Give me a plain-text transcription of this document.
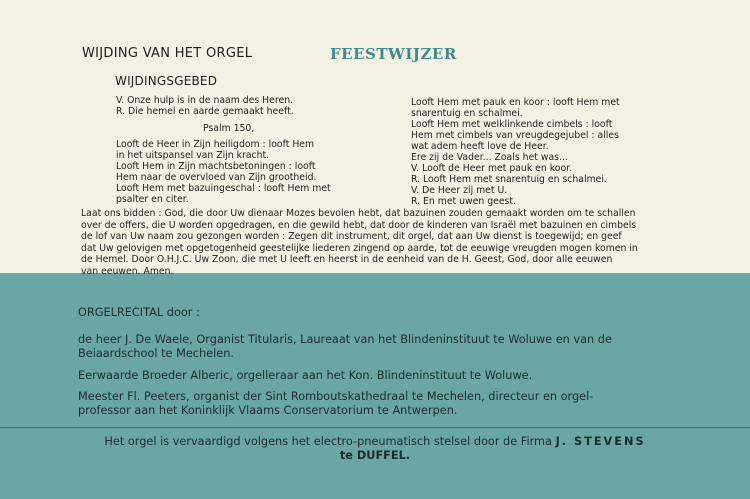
WIJDING VAN HET ORGEL	FEESTWIJZER
WIJDINGSGEBED
V. Onze hulp is in de naam des Heren.
R. Die hemel en aarde gemaakt heeft.
Psalm 150,
Looft de Heer in Zijn heiligdom : looft Hem
in het uitspansel van Zijn kracht.
Looft Hem in Zijn machtsbetoningen : looft
Hem naar de overvloed van Zijn grootheid.
Looft Hem met bazuingeschal : looft Hem met
psalter en citer.
Looft Hem met pauk en koor : looft Hem met
snarentuig en schalmei.
Looft Hem met welklinkende cimbels : looft
Hem met cimbels van vreugdegejubel : alles
wat adem heeft love de Heer.
Ere zij de Vader... Zoals het was...
V. Looft de Heer met pauk en koor.
R. Looft Hem met snarentuig en schalmei.
V. De Heer zij met U.
R. En met uwen geest.
Laat ons bidden : God, die door Uw dienaar Mozes bevolen hebt, dat bazuinen zouden gemaakt worden om te schallen
over de offers, die U worden opgedragen, en die gewild hebt, dat door de kinderen van Israël met bazuinen en cimbels
de lof van Uw naam zou gezongen worden : Zegen dit instrument, dit orgel, dat aan Uw dienst is toegewijd; en geef
dat Uw gelovigen met opgetogenheid geestelijke liederen zingend op aarde, tot de eeuwige vreugden mogen komen in
de Hemel. Door O.H.J.C. Uw Zoon, die met U leeft en heerst in de eenheid van de H. Geest, God, door alle eeuwen
van eeuwen. Amen.
ORGELRECITAL door :
de heer J. De Waele, Organist Titularis, Laureaat van het Blindeninstituut te Woluwe en van de
Beiaardschool te Mechelen.
Eerwaarde Broeder Alberic, orgelleraar aan het Kon. Blindeninstituut te Woluwe.
Meester Fl. Peeters, organist der Sint Romboutskathedraal te Mechelen, directeur en orgel-
professor aan het Koninklijk Vlaams Conservatorium te Antwerpen.
Het orgel is vervaardigd volgens het electro-pneumatisch stelsel door de Firma J. STEVENS
te DUFFEL.
